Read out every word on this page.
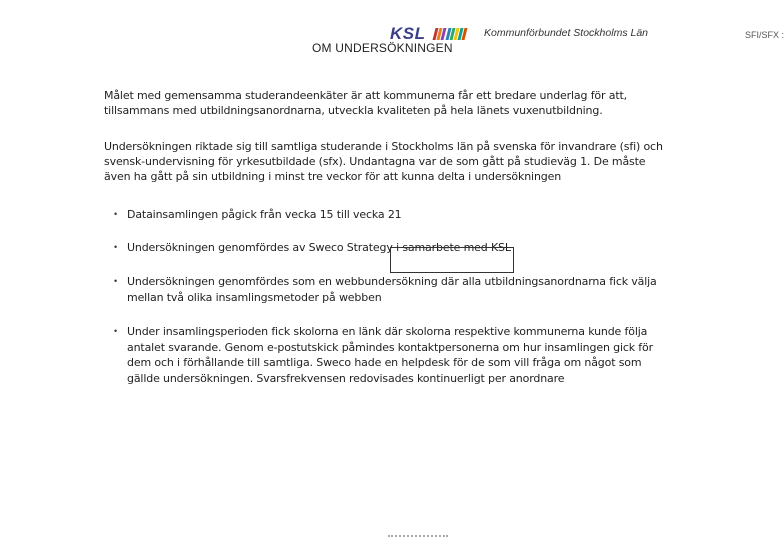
KSL	Kommunförbundet Stockholms Län	SFI/SFX :
OM UNDERSÖKNINGEN
Målet med gemensamma studerandeenkäter är att kommunerna får ett bredare underlag för att, tillsammans med utbildningsanordnarna, utveckla kvaliteten på hela länets vuxenutbildning.
Undersökningen riktade sig till samtliga studerande i Stockholms län på svenska för invandrare (sfi) och svensk-undervisning för yrkesutbildade (sfx). Undantagna var de som gått på studieväg 1. De måste även ha gått på sin utbildning i minst tre veckor för att kunna delta i undersökningen
• Datainsamlingen pågick från vecka 15 till vecka 21
• Undersökningen genomfördes av Sweco Strategy i samarbete med KSL
• Undersökningen genomfördes som en webbundersökning där alla utbildningsanordnarna fick välja mellan två olika insamlingsmetoder på webben
• Under insamlingsperioden fick skolorna en länk där skolorna respektive kommunerna kunde följa antalet svarande. Genom e-postutskick påmindes kontaktpersonerna om hur insamlingen gick för dem och i förhållande till samtliga. Sweco hade en helpdesk för de som vill fråga om något som gällde undersökningen. Svarsfrekvensen redovisades kontinuerligt per anordnare
